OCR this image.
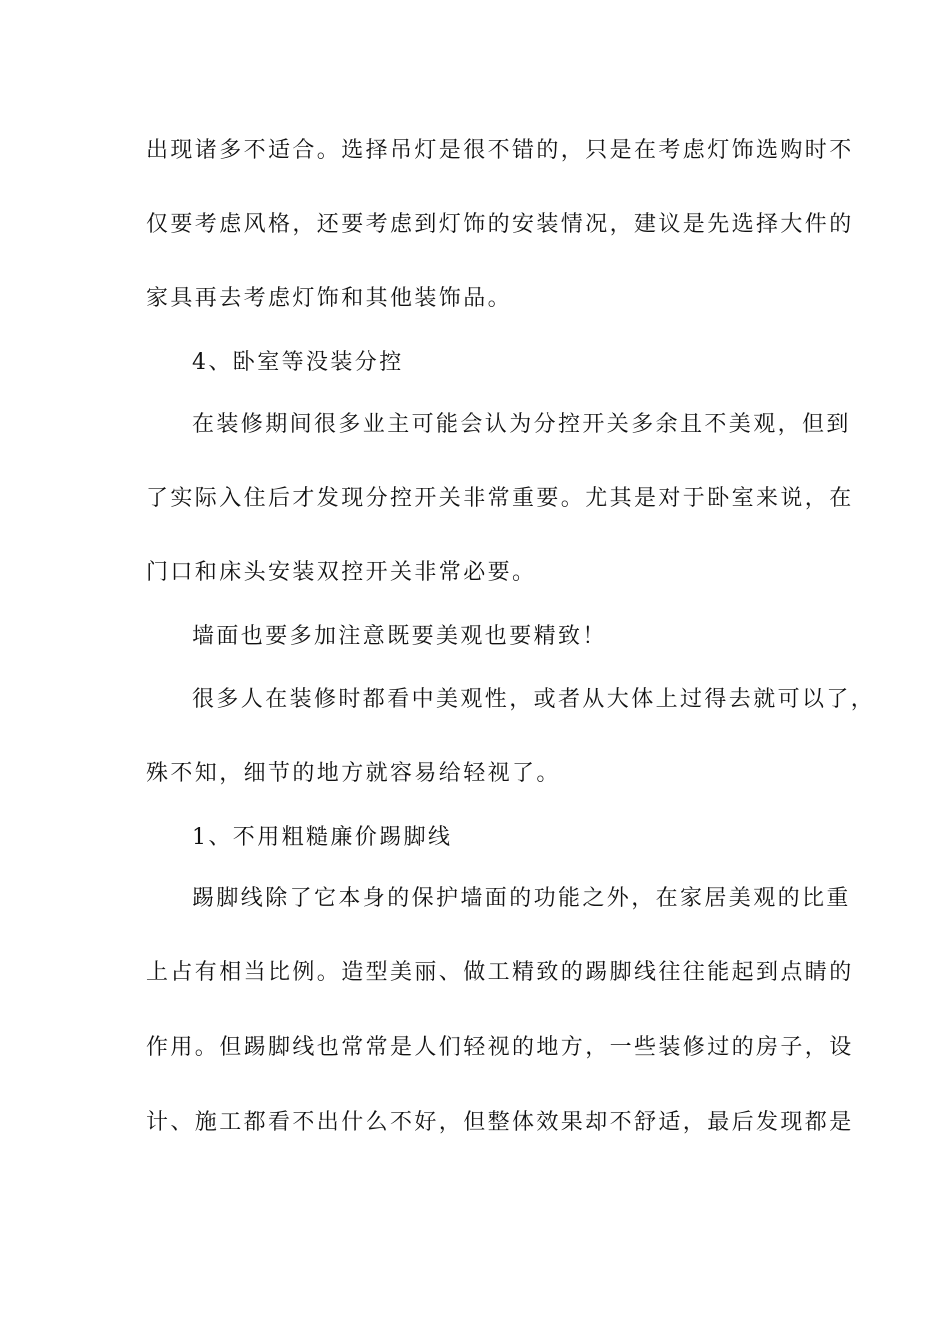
出现诸多不适合。选择吊灯是很不错的，只是在考虑灯饰选购时不
仅要考虑风格，还要考虑到灯饰的安装情况，建议是先选择大件的
家具再去考虑灯饰和其他装饰品。
4、卧室等没装分控
在装修期间很多业主可能会认为分控开关多余且不美观，但到
了实际入住后才发现分控开关非常重要。尤其是对于卧室来说，在
门口和床头安装双控开关非常必要。
墙面也要多加注意既要美观也要精致！
很多人在装修时都看中美观性，或者从大体上过得去就可以了，
殊不知，细节的地方就容易给轻视了。
1、不用粗糙廉价踢脚线
踢脚线除了它本身的保护墙面的功能之外，在家居美观的比重
上占有相当比例。造型美丽、做工精致的踢脚线往往能起到点睛的
作用。但踢脚线也常常是人们轻视的地方，一些装修过的房子，设
计、施工都看不出什么不好，但整体效果却不舒适，最后发现都是
